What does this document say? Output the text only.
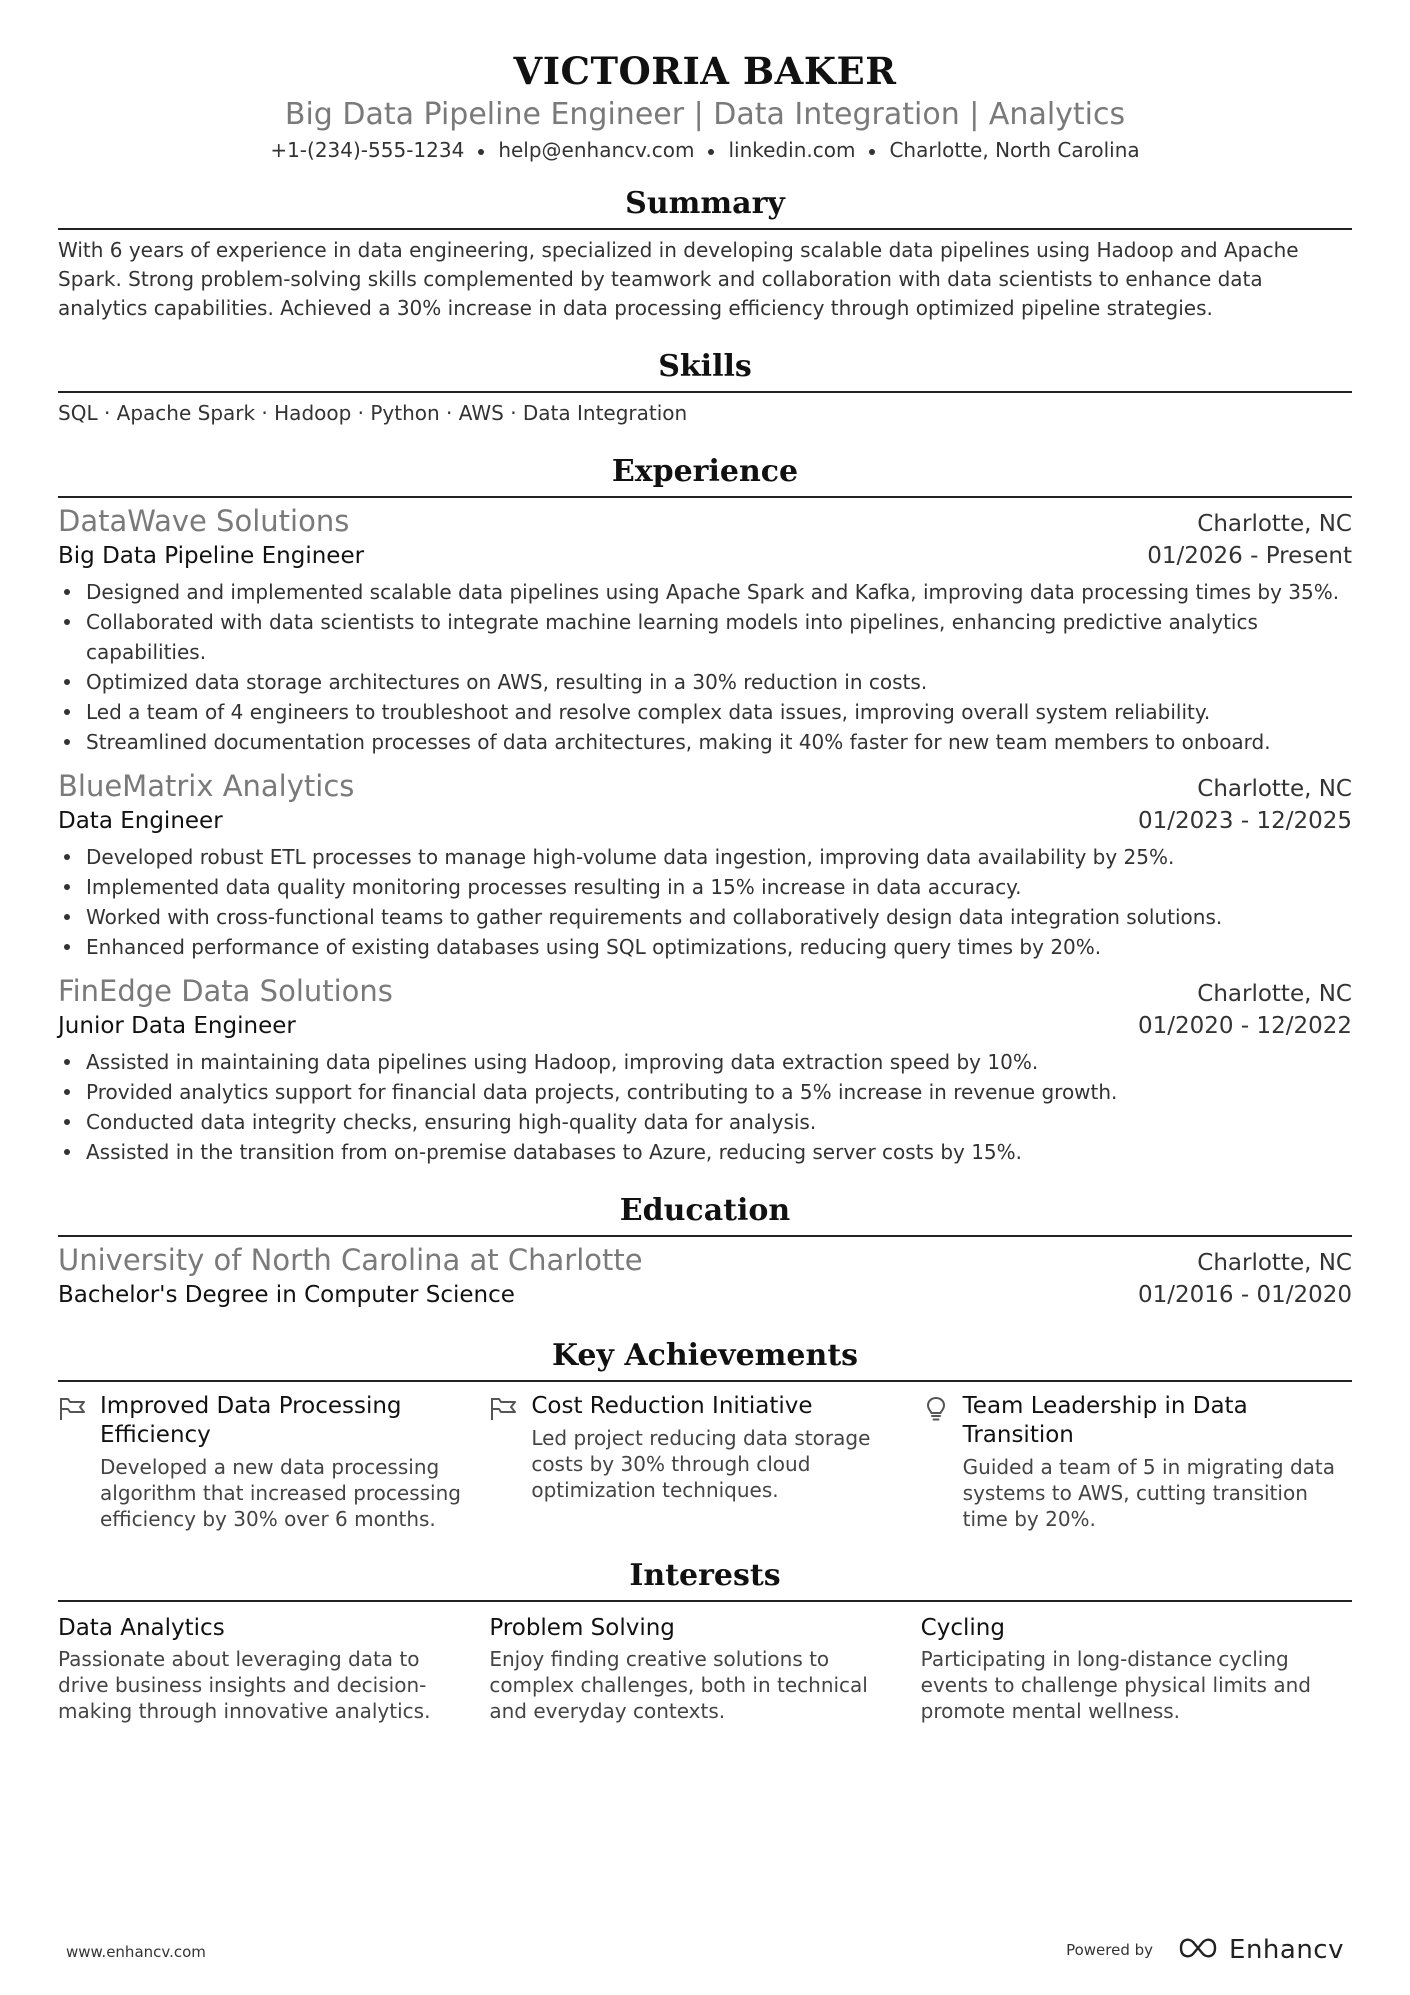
VICTORIA BAKER
Big Data Pipeline Engineer | Data Integration | Analytics
+1-(234)-555-1234 help@enhancv.com linkedin.com Charlotte, North Carolina
Summary
With 6 years of experience in data engineering, specialized in developing scalable data pipelines using Hadoop and Apache Spark. Strong problem-solving skills complemented by teamwork and collaboration with data scientists to enhance data analytics capabilities. Achieved a 30% increase in data processing efficiency through optimized pipeline strategies.
Skills
SQL · Apache Spark · Hadoop · Python · AWS · Data Integration
Experience
DataWave Solutions	Charlotte, NC
Big Data Pipeline Engineer	01/2026 - Present
Designed and implemented scalable data pipelines using Apache Spark and Kafka, improving data processing times by 35%.
Collaborated with data scientists to integrate machine learning models into pipelines, enhancing predictive analytics capabilities.
Optimized data storage architectures on AWS, resulting in a 30% reduction in costs.
Led a team of 4 engineers to troubleshoot and resolve complex data issues, improving overall system reliability.
Streamlined documentation processes of data architectures, making it 40% faster for new team members to onboard.
BlueMatrix Analytics	Charlotte, NC
Data Engineer	01/2023 - 12/2025
Developed robust ETL processes to manage high-volume data ingestion, improving data availability by 25%.
Implemented data quality monitoring processes resulting in a 15% increase in data accuracy.
Worked with cross-functional teams to gather requirements and collaboratively design data integration solutions.
Enhanced performance of existing databases using SQL optimizations, reducing query times by 20%.
FinEdge Data Solutions	Charlotte, NC
Junior Data Engineer	01/2020 - 12/2022
Assisted in maintaining data pipelines using Hadoop, improving data extraction speed by 10%.
Provided analytics support for financial data projects, contributing to a 5% increase in revenue growth.
Conducted data integrity checks, ensuring high-quality data for analysis.
Assisted in the transition from on-premise databases to Azure, reducing server costs by 15%.
Education
University of North Carolina at Charlotte	Charlotte, NC
Bachelor's Degree in Computer Science	01/2016 - 01/2020
Key Achievements
Improved Data Processing Efficiency
Developed a new data processing algorithm that increased processing efficiency by 30% over 6 months.
Cost Reduction Initiative
Led project reducing data storage costs by 30% through cloud optimization techniques.
Team Leadership in Data Transition
Guided a team of 5 in migrating data systems to AWS, cutting transition time by 20%.
Interests
Data Analytics
Passionate about leveraging data to drive business insights and decision-making through innovative analytics.
Problem Solving
Enjoy finding creative solutions to complex challenges, both in technical and everyday contexts.
Cycling
Participating in long-distance cycling events to challenge physical limits and promote mental wellness.
www.enhancv.com	Powered by	Enhancv
